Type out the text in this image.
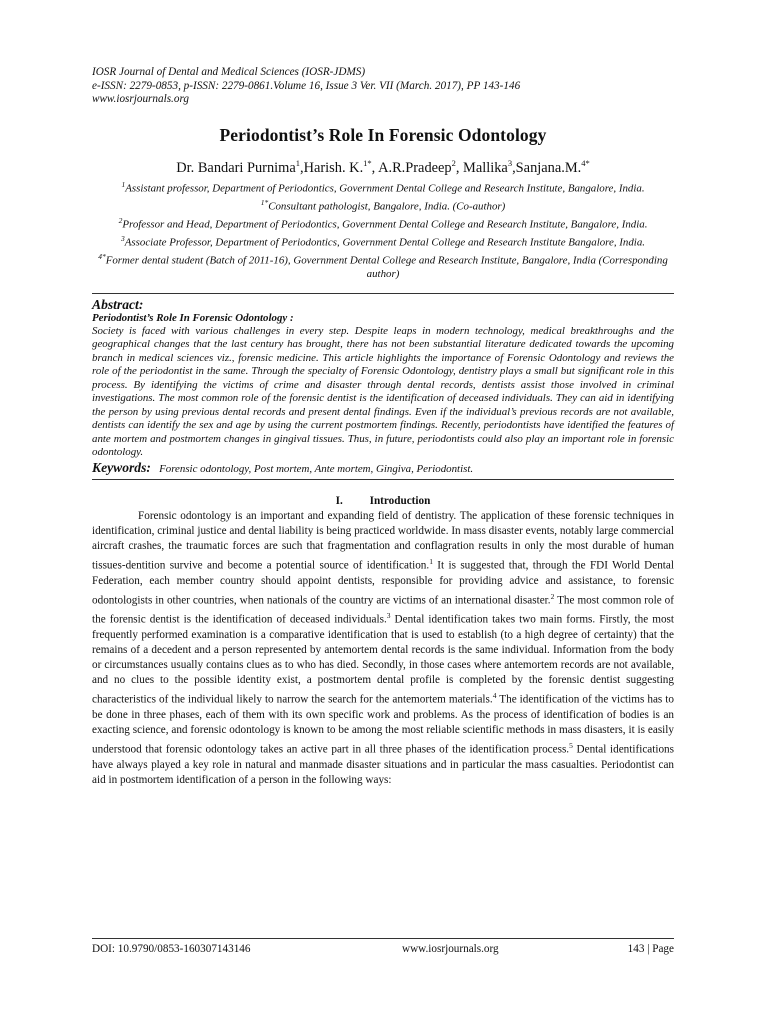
IOSR Journal of Dental and Medical Sciences (IOSR-JDMS)
e-ISSN: 2279-0853, p-ISSN: 2279-0861.Volume 16, Issue 3 Ver. VII (March. 2017), PP 143-146
www.iosrjournals.org
Periodontist’s Role In Forensic Odontology
Dr. Bandari Purnima$^1$,Harish. K.$^{1*}$, A.R.Pradeep$^2$, Mallika$^3$,Sanjana.M.$^{4*}$
$^1$Assistant professor, Department of Periodontics, Government Dental College and Research Institute, Bangalore, India.
$^{1*}$Consultant pathologist, Bangalore, India. (Co-author)
$^2$Professor and Head, Department of Periodontics, Government Dental College and Research Institute, Bangalore, India.
$^3$Associate Professor, Department of Periodontics, Government Dental College and Research Institute Bangalore, India.
$^{4*}$Former dental student (Batch of 2011-16), Government Dental College and Research Institute, Bangalore, India (Corresponding author)
Abstract:
Periodontist’s Role In Forensic Odontology :
Society is faced with various challenges in every step. Despite leaps in modern technology, medical breakthroughs and the geographical changes that the last century has brought, there has not been substantial literature dedicated towards the upcoming branch in medical sciences viz., forensic medicine. This article highlights the importance of Forensic Odontology and reviews the role of the periodontist in the same. Through the specialty of Forensic Odontology, dentistry plays a small but significant role in this process. By identifying the victims of crime and disaster through dental records, dentists assist those involved in criminal investigations. The most common role of the forensic dentist is the identification of deceased individuals. They can aid in identifying the person by using previous dental records and present dental findings. Even if the individual’s previous records are not available, dentists can identify the sex and age by using the current postmortem findings. Recently, periodontists have identified the features of ante mortem and postmortem changes in gingival tissues. Thus, in future, periodontists could also play an important role in forensic odontology.
Keywords: Forensic odontology, Post mortem, Ante mortem, Gingiva, Periodontist.
I. Introduction

Forensic odontology is an important and expanding field of dentistry. The application of these forensic techniques in identification, criminal justice and dental liability is being practiced worldwide. In mass disaster events, notably large commercial aircraft crashes, the traumatic forces are such that fragmentation and conflagration results in only the most durable of human tissues-dentition survive and become a potential source of identification.$^1$ It is suggested that, through the FDI World Dental Federation, each member country should appoint dentists, responsible for providing advice and assistance, to forensic odontologists in other countries, when nationals of the country are victims of an international disaster.$^2$ The most common role of the forensic dentist is the identification of deceased individuals.$^3$ Dental identification takes two main forms. Firstly, the most frequently performed examination is a comparative identification that is used to establish (to a high degree of certainty) that the remains of a decedent and a person represented by antemortem dental records is the same individual. Information from the body or circumstances usually contains clues as to who has died. Secondly, in those cases where antemortem records are not available, and no clues to the possible identity exist, a postmortem dental profile is completed by the forensic dentist suggesting characteristics of the individual likely to narrow the search for the antemortem materials.$^4$ The identification of the victims has to be done in three phases, each of them with its own specific work and problems. As the process of identification of bodies is an exacting science, and forensic odontology is known to be among the most reliable scientific methods in mass disasters, it is easily understood that forensic odontology takes an active part in all three phases of the identification process.$^5$ Dental identifications have always played a key role in natural and manmade disaster situations and in particular the mass casualties. Periodontist can aid in postmortem identification of a person in the following ways:

DOI: 10.9790/0853-160307143146	www.iosrjournals.org	143 | Page
